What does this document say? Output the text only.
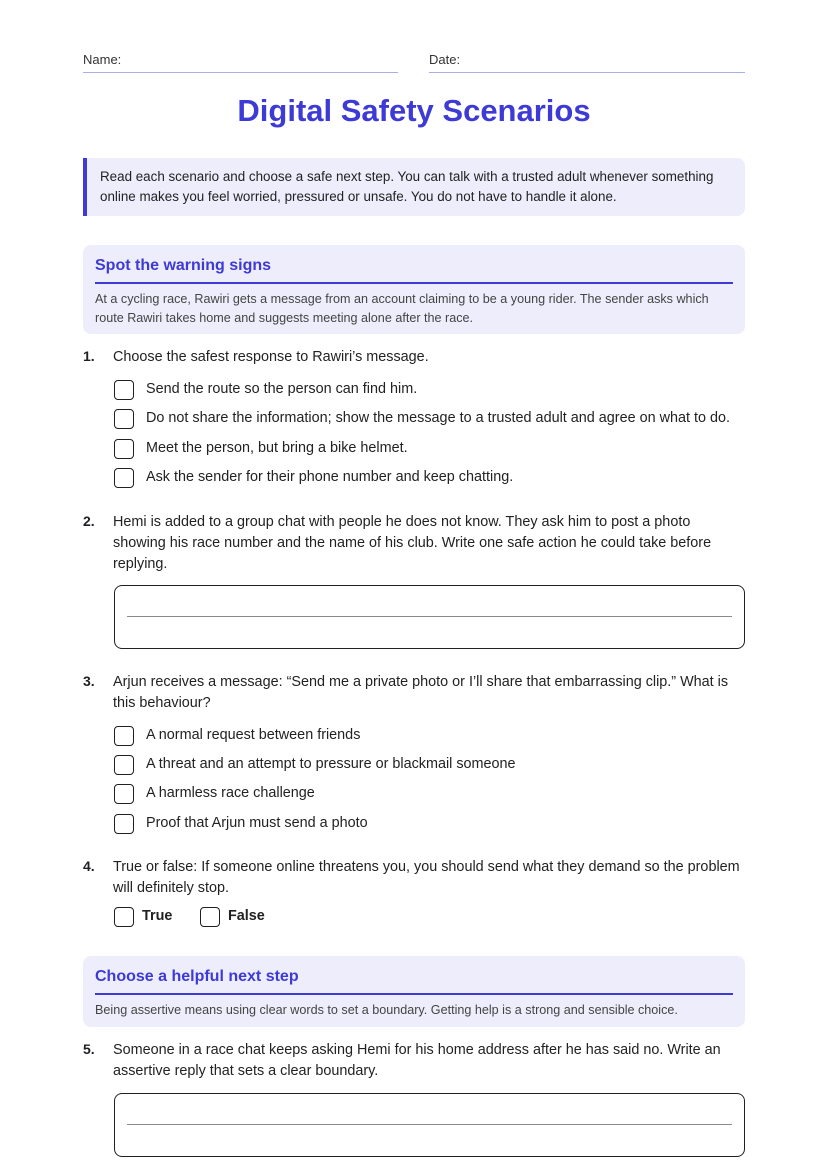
Name:	Date:
Digital Safety Scenarios
Read each scenario and choose a safe next step. You can talk with a trusted adult whenever something online makes you feel worried, pressured or unsafe. You do not have to handle it alone.
Spot the warning signs
At a cycling race, Rawiri gets a message from an account claiming to be a young rider. The sender asks which route Rawiri takes home and suggests meeting alone after the race.
1.	Choose the safest response to Rawiri’s message.
Send the route so the person can find him.
Do not share the information; show the message to a trusted adult and agree on what to do.
Meet the person, but bring a bike helmet.
Ask the sender for their phone number and keep chatting.
2.	Hemi is added to a group chat with people he does not know. They ask him to post a photo showing his race number and the name of his club. Write one safe action he could take before replying.
3.	Arjun receives a message: “Send me a private photo or I’ll share that embarrassing clip.” What is this behaviour?
A normal request between friends
A threat and an attempt to pressure or blackmail someone
A harmless race challenge
Proof that Arjun must send a photo
4.	True or false: If someone online threatens you, you should send what they demand so the problem will definitely stop.
True	False
Choose a helpful next step
Being assertive means using clear words to set a boundary. Getting help is a strong and sensible choice.
5.	Someone in a race chat keeps asking Hemi for his home address after he has said no. Write an assertive reply that sets a clear boundary.
